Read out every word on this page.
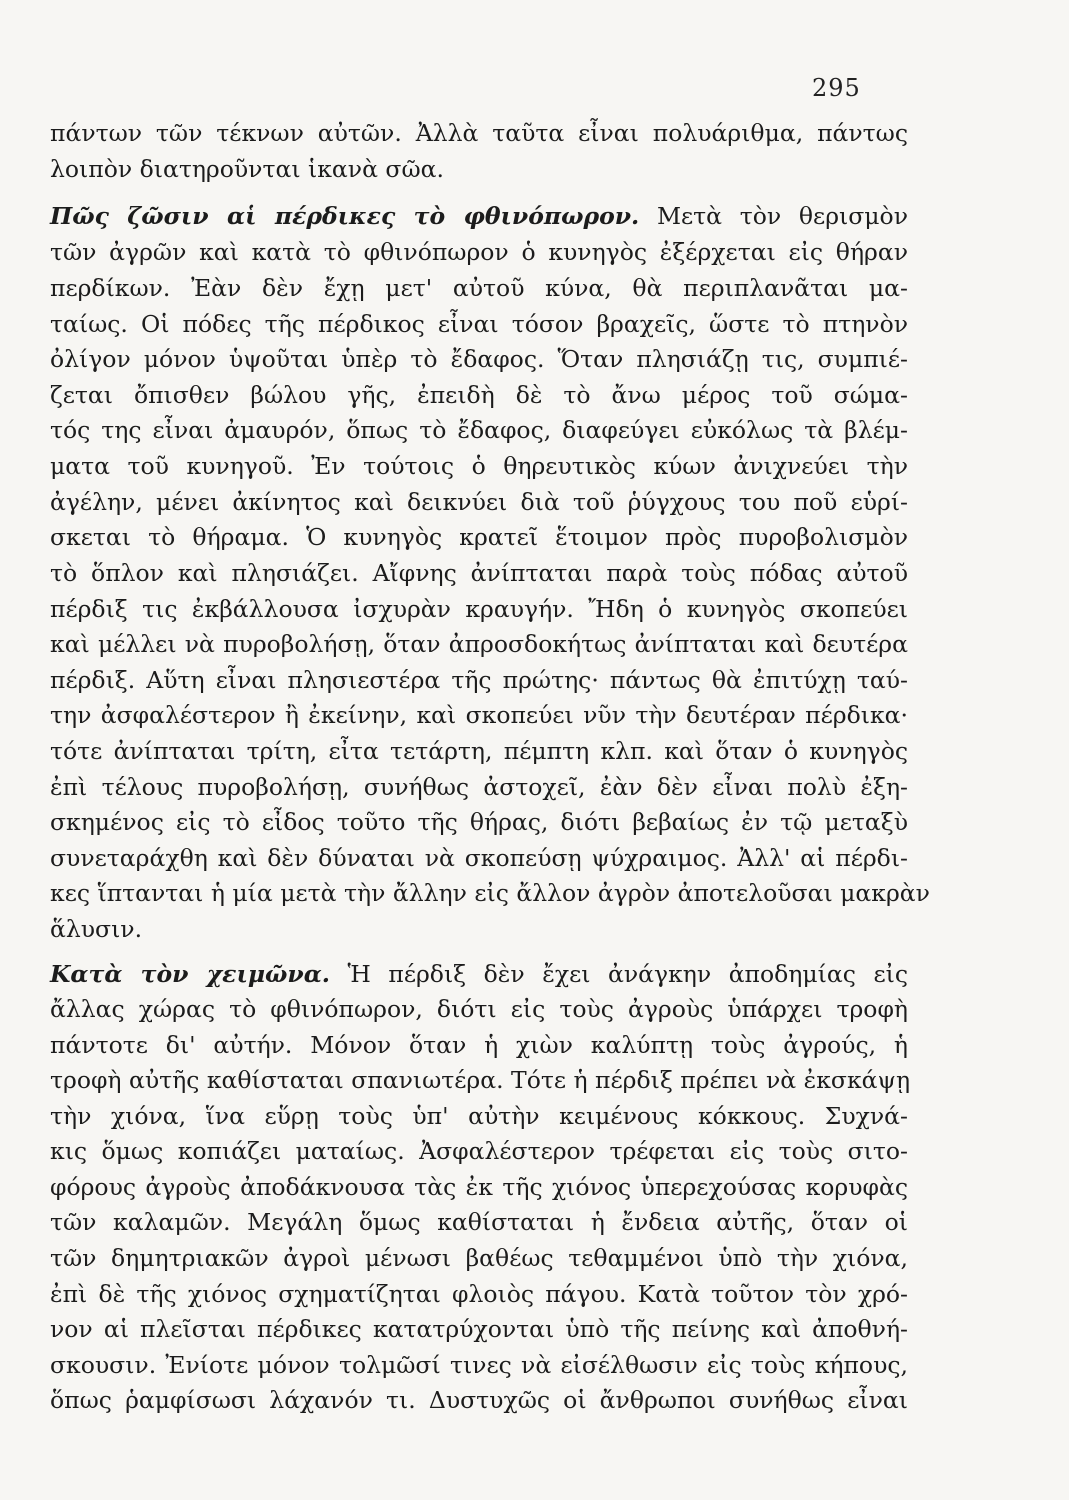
295
πάντων τῶν τέκνων αὐτῶν. Ἀλλὰ ταῦτα εἶναι πολυάριθμα, πάντως
λοιπὸν διατηροῦνται ἱκανὰ σῶα.
Πῶς ζῶσιν αἱ πέρδικες τὸ φθινόπωρον. Μετὰ τὸν θερισμὸν
τῶν ἀγρῶν καὶ κατὰ τὸ φθινόπωρον ὁ κυνηγὸς ἐξέρχεται εἰς θήραν
περδίκων. Ἐὰν δὲν ἔχῃ μετ' αὐτοῦ κύνα, θὰ περιπλανᾶται μα-
ταίως. Οἱ πόδες τῆς πέρδικος εἶναι τόσον βραχεῖς, ὥστε τὸ πτηνὸν
ὀλίγον μόνον ὑψοῦται ὑπὲρ τὸ ἔδαφος. Ὅταν πλησιάζῃ τις, συμπιέ-
ζεται ὄπισθεν βώλου γῆς, ἐπειδὴ δὲ τὸ ἄνω μέρος τοῦ σώμα-
τός της εἶναι ἀμαυρόν, ὅπως τὸ ἔδαφος, διαφεύγει εὐκόλως τὰ βλέμ-
ματα τοῦ κυνηγοῦ. Ἐν τούτοις ὁ θηρευτικὸς κύων ἀνιχνεύει τὴν
ἀγέλην, μένει ἀκίνητος καὶ δεικνύει διὰ τοῦ ῥύγχους του ποῦ εὑρί-
σκεται τὸ θήραμα. Ὁ κυνηγὸς κρατεῖ ἕτοιμον πρὸς πυροβολισμὸν
τὸ ὅπλον καὶ πλησιάζει. Αἴφνης ἀνίπταται παρὰ τοὺς πόδας αὐτοῦ
πέρδιξ τις ἐκβάλλουσα ἰσχυρὰν κραυγήν. Ἤδη ὁ κυνηγὸς σκοπεύει
καὶ μέλλει νὰ πυροβολήσῃ, ὅταν ἀπροσδοκήτως ἀνίπταται καὶ δευτέρα
πέρδιξ. Αὕτη εἶναι πλησιεστέρα τῆς πρώτης· πάντως θὰ ἐπιτύχῃ ταύ-
την ἀσφαλέστερον ἢ ἐκείνην, καὶ σκοπεύει νῦν τὴν δευτέραν πέρδικα·
τότε ἀνίπταται τρίτη, εἶτα τετάρτη, πέμπτη κλπ. καὶ ὅταν ὁ κυνηγὸς
ἐπὶ τέλους πυροβολήσῃ, συνήθως ἀστοχεῖ, ἐὰν δὲν εἶναι πολὺ ἐξη-
σκημένος εἰς τὸ εἶδος τοῦτο τῆς θήρας, διότι βεβαίως ἐν τῷ μεταξὺ
συνεταράχθη καὶ δὲν δύναται νὰ σκοπεύσῃ ψύχραιμος. Ἀλλ' αἱ πέρδι-
κες ἵπτανται ἡ μία μετὰ τὴν ἄλλην εἰς ἄλλον ἀγρὸν ἀποτελοῦσαι μακρὰν
ἅλυσιν.
Κατὰ τὸν χειμῶνα. Ἡ πέρδιξ δὲν ἔχει ἀνάγκην ἀποδημίας εἰς
ἄλλας χώρας τὸ φθινόπωρον, διότι εἰς τοὺς ἀγροὺς ὑπάρχει τροφὴ
πάντοτε δι' αὐτήν. Μόνον ὅταν ἡ χιὼν καλύπτῃ τοὺς ἀγρούς, ἡ
τροφὴ αὐτῆς καθίσταται σπανιωτέρα. Τότε ἡ πέρδιξ πρέπει νὰ ἐκσκάψῃ
τὴν χιόνα, ἵνα εὕρῃ τοὺς ὑπ' αὐτὴν κειμένους κόκκους. Συχνά-
κις ὅμως κοπιάζει ματαίως. Ἀσφαλέστερον τρέφεται εἰς τοὺς σιτο-
φόρους ἀγροὺς ἀποδάκνουσα τὰς ἐκ τῆς χιόνος ὑπερεχούσας κορυφὰς
τῶν καλαμῶν. Μεγάλη ὅμως καθίσταται ἡ ἔνδεια αὐτῆς, ὅταν οἱ
τῶν δημητριακῶν ἀγροὶ μένωσι βαθέως τεθαμμένοι ὑπὸ τὴν χιόνα,
ἐπὶ δὲ τῆς χιόνος σχηματίζηται φλοιὸς πάγου. Κατὰ τοῦτον τὸν χρό-
νον αἱ πλεῖσται πέρδικες κατατρύχονται ὑπὸ τῆς πείνης καὶ ἀποθνή-
σκουσιν. Ἐνίοτε μόνον τολμῶσί τινες νὰ εἰσέλθωσιν εἰς τοὺς κήπους,
ὅπως ῥαμφίσωσι λάχανόν τι. Δυστυχῶς οἱ ἄνθρωποι συνήθως εἶναι
